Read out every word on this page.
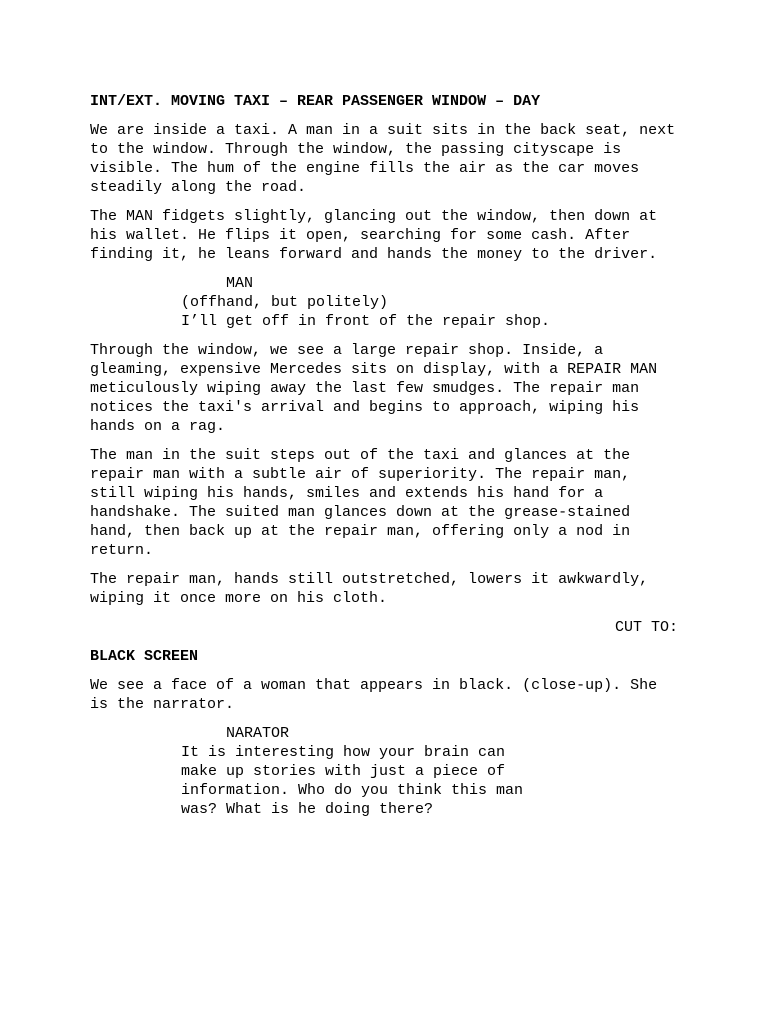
INT/EXT. MOVING TAXI – REAR PASSENGER WINDOW – DAY
We are inside a taxi. A man in a suit sits in the back seat, next
to the window. Through the window, the passing cityscape is
visible. The hum of the engine fills the air as the car moves
steadily along the road.
The MAN fidgets slightly, glancing out the window, then down at
his wallet. He flips it open, searching for some cash. After
finding it, he leans forward and hands the money to the driver.
MAN
(offhand, but politely)
I’ll get off in front of the repair shop.
Through the window, we see a large repair shop. Inside, a
gleaming, expensive Mercedes sits on display, with a REPAIR MAN
meticulously wiping away the last few smudges. The repair man
notices the taxi's arrival and begins to approach, wiping his
hands on a rag.
The man in the suit steps out of the taxi and glances at the
repair man with a subtle air of superiority. The repair man,
still wiping his hands, smiles and extends his hand for a
handshake. The suited man glances down at the grease-stained
hand, then back up at the repair man, offering only a nod in
return.
The repair man, hands still outstretched, lowers it awkwardly,
wiping it once more on his cloth.
CUT TO:
BLACK SCREEN
We see a face of a woman that appears in black. (close-up). She
is the narrator.
NARATOR
It is interesting how your brain can
make up stories with just a piece of
information. Who do you think this man
was? What is he doing there?
